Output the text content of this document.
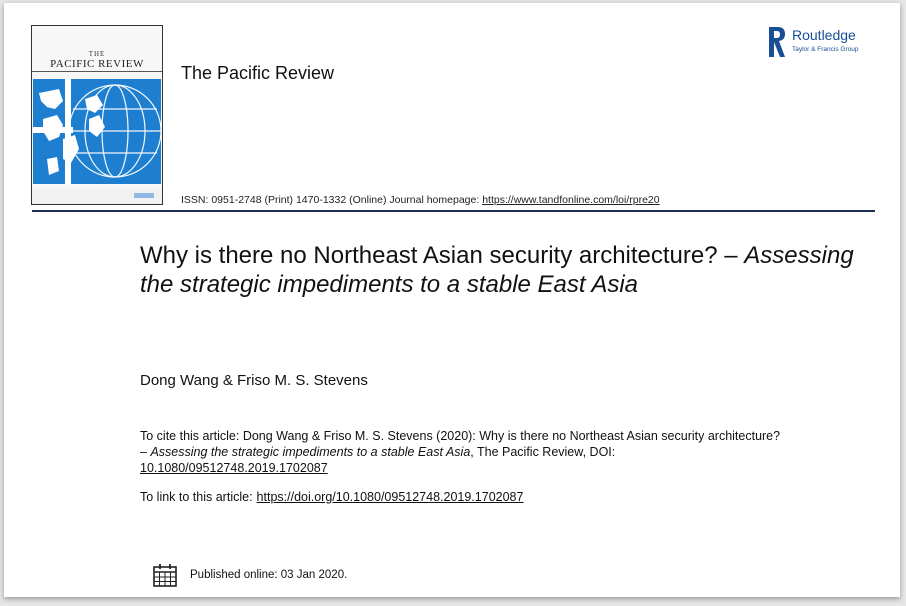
THE
PACIFIC REVIEW	The Pacific Review
ISSN: 0951-2748 (Print) 1470-1332 (Online) Journal homepage: https://www.tandfonline.com/loi/rpre20
Routledge
Taylor & Francis Group
Why is there no Northeast Asian security architecture? – Assessing the strategic impediments to a stable East Asia
Dong Wang & Friso M. S. Stevens
To cite this article: Dong Wang & Friso M. S. Stevens (2020): Why is there no Northeast Asian security architecture? – Assessing the strategic impediments to a stable East Asia, The Pacific Review, DOI: 10.1080/09512748.2019.1702087
To link to this article: https://doi.org/10.1080/09512748.2019.1702087
Published online: 03 Jan 2020.
